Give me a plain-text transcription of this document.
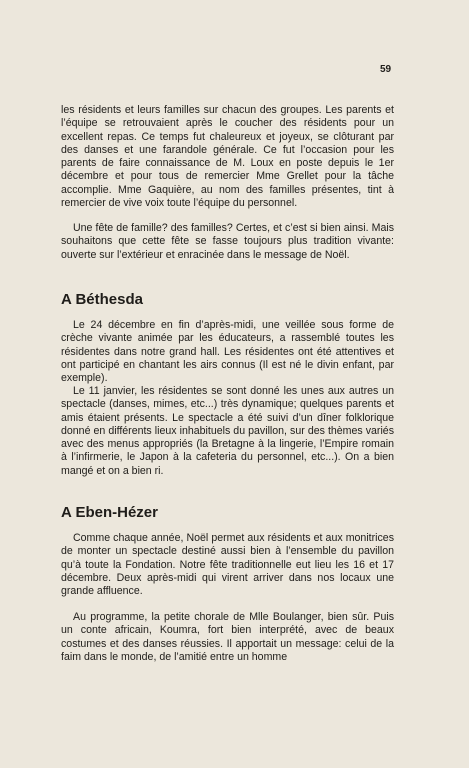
59

les résidents et leurs familles sur chacun des groupes. Les parents et l’équipe se retrouvaient après le coucher des résidents pour un excellent repas. Ce temps fut chaleureux et joyeux, se clôturant par des danses et une farandole générale. Ce fut l’occasion pour les parents de faire connaissance de M. Loux en poste depuis le 1er décembre et pour tous de remercier Mme Grellet pour la tâche accomplie. Mme Gaquière, au nom des familles présentes, tint à remercier de vive voix toute l’équipe du personnel.

Une fête de famille? des familles? Certes, et c’est si bien ainsi. Mais souhaitons que cette fête se fasse toujours plus tradition vivante: ouverte sur l’extérieur et enracinée dans le message de Noël.

A Béthesda

Le 24 décembre en fin d’après-midi, une veillée sous forme de crèche vivante animée par les éducateurs, a rassemblé toutes les résidentes dans notre grand hall. Les résidentes ont été attentives et ont participé en chantant les airs connus (Il est né le divin enfant, par exemple).

Le 11 janvier, les résidentes se sont donné les unes aux autres un spectacle (danses, mimes, etc...) très dynamique; quelques parents et amis étaient présents. Le spectacle a été suivi d’un dîner folklorique donné en différents lieux inhabituels du pavillon, sur des thèmes variés avec des menus appropriés (la Bretagne à la lingerie, l’Empire romain à l’infirmerie, le Japon à la cafeteria du personnel, etc...). On a bien mangé et on a bien ri.

A Eben-Hézer

Comme chaque année, Noël permet aux résidents et aux monitrices de monter un spectacle destiné aussi bien à l’ensemble du pavillon qu’à toute la Fondation. Notre fête traditionnelle eut lieu les 16 et 17 décembre. Deux après-midi qui virent arriver dans nos locaux une grande affluence.

Au programme, la petite chorale de Mlle Boulanger, bien sûr. Puis un conte africain, Koumra, fort bien interprété, avec de beaux costumes et des danses réussies. Il apportait un message: celui de la faim dans le monde, de l’amitié entre un homme
